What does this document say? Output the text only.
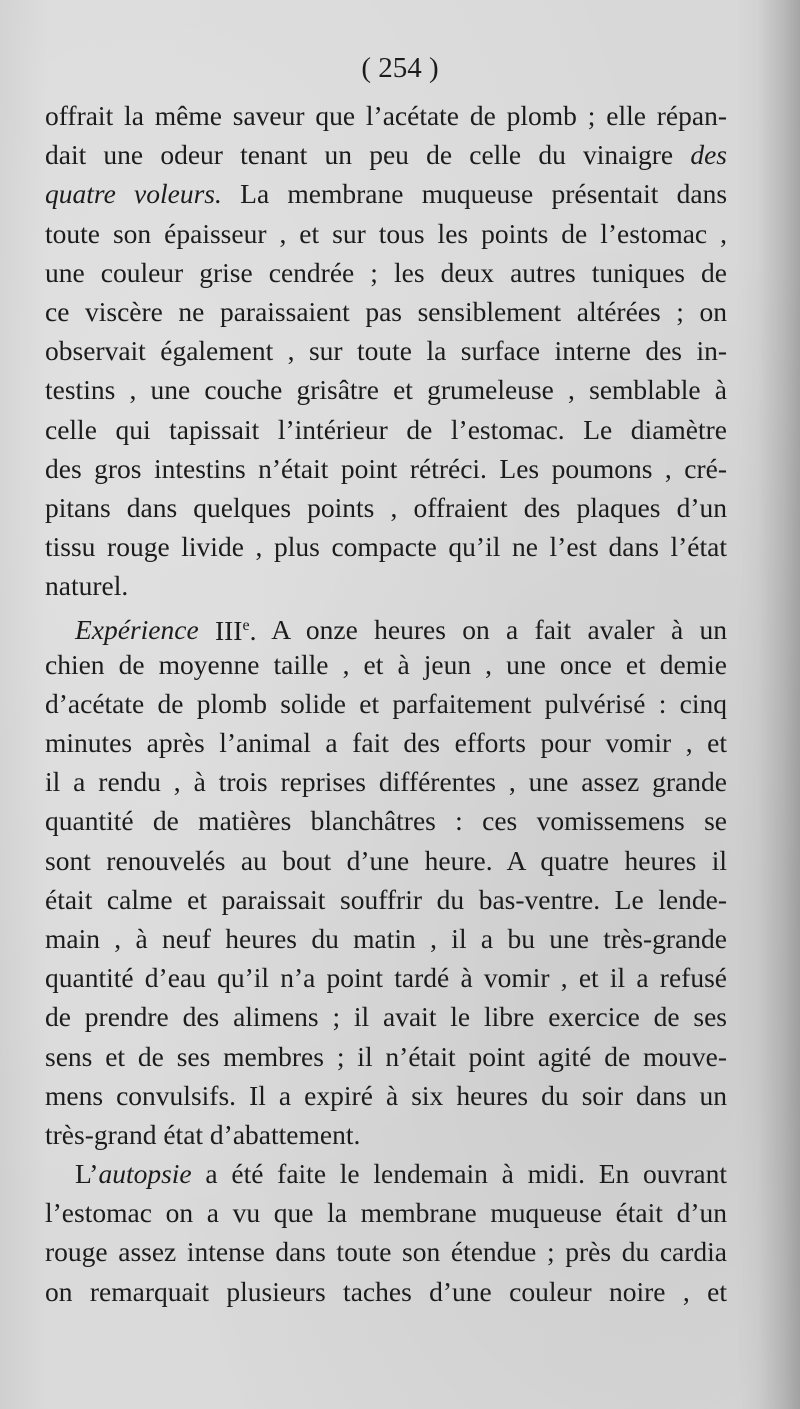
( 254 )
offrait la même saveur que l’acétate de plomb ; elle répan-
dait une odeur tenant un peu de celle du vinaigre des
quatre voleurs. La membrane muqueuse présentait dans
toute son épaisseur , et sur tous les points de l’estomac ,
une couleur grise cendrée ; les deux autres tuniques de
ce viscère ne paraissaient pas sensiblement altérées ; on
observait également , sur toute la surface interne des in-
testins , une couche grisâtre et grumeleuse , semblable à
celle qui tapissait l’intérieur de l’estomac. Le diamètre
des gros intestins n’était point rétréci. Les poumons , cré-
pitans dans quelques points , offraient des plaques d’un
tissu rouge livide , plus compacte qu’il ne l’est dans l’état
naturel.
Expérience IIIe. A onze heures on a fait avaler à un
chien de moyenne taille , et à jeun , une once et demie
d’acétate de plomb solide et parfaitement pulvérisé : cinq
minutes après l’animal a fait des efforts pour vomir , et
il a rendu , à trois reprises différentes , une assez grande
quantité de matières blanchâtres : ces vomissemens se
sont renouvelés au bout d’une heure. A quatre heures il
était calme et paraissait souffrir du bas-ventre. Le lende-
main , à neuf heures du matin , il a bu une très-grande
quantité d’eau qu’il n’a point tardé à vomir , et il a refusé
de prendre des alimens ; il avait le libre exercice de ses
sens et de ses membres ; il n’était point agité de mouve-
mens convulsifs. Il a expiré à six heures du soir dans un
très-grand état d’abattement.
L’autopsie a été faite le lendemain à midi. En ouvrant
l’estomac on a vu que la membrane muqueuse était d’un
rouge assez intense dans toute son étendue ; près du cardia
on remarquait plusieurs taches d’une couleur noire , et
